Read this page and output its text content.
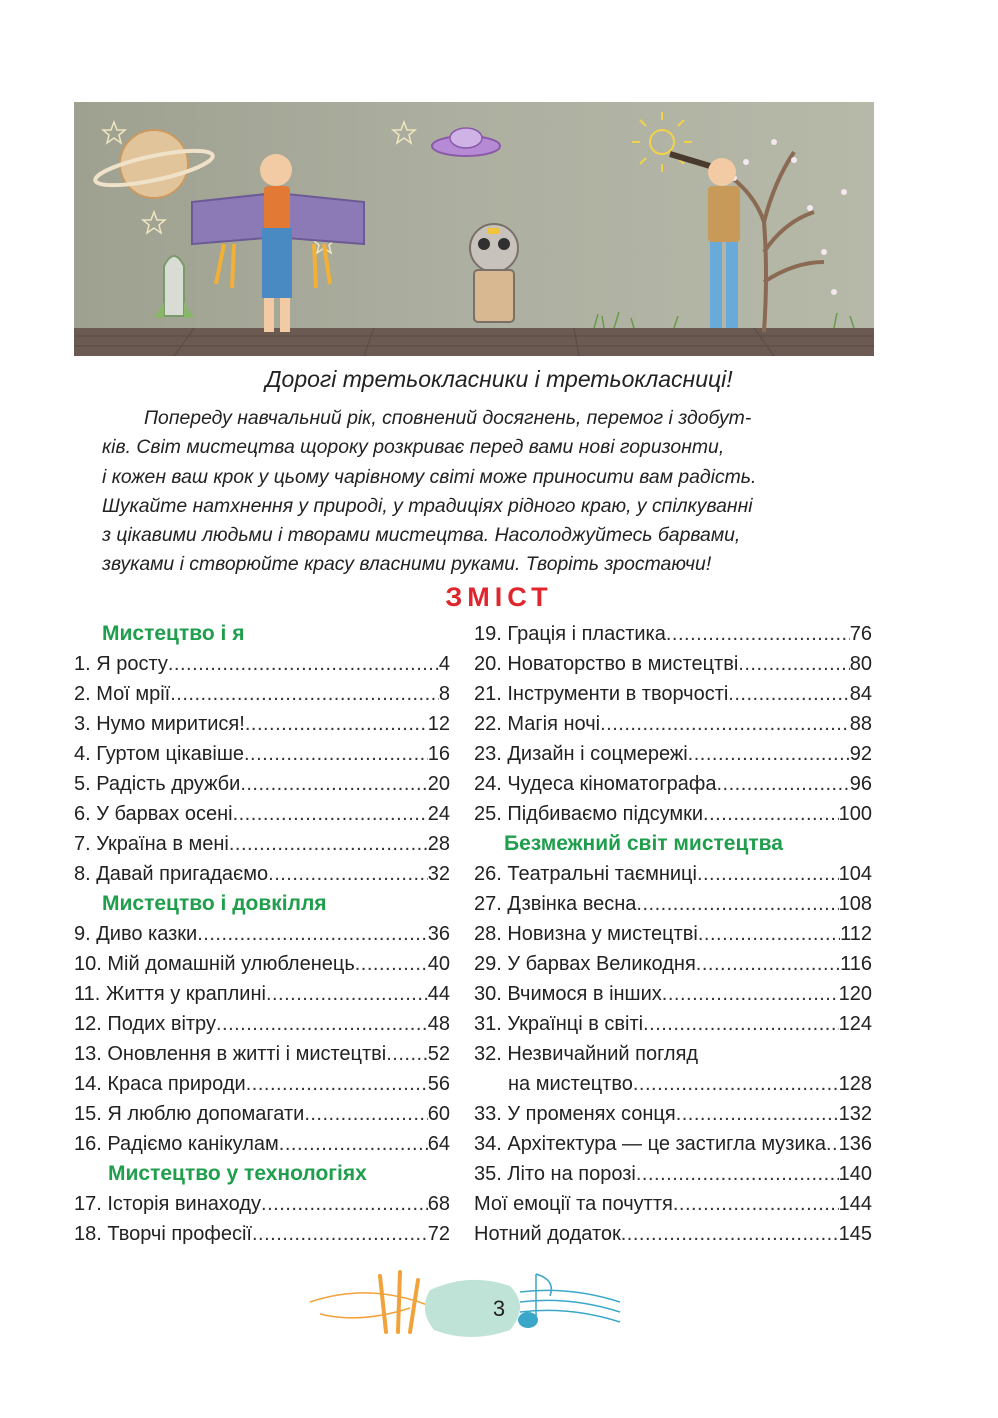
Дорогі третьокласники і третьокласниці!
Попереду навчальний рік, сповнений досягнень, перемог і здобут-
ків. Світ мистецтва щороку розкриває перед вами нові горизонти,
і кожен ваш крок у цьому чарівному світі може приносити вам радість.
Шукайте натхнення у природі, у традиціях рідного краю, у спілкуванні
з цікавими людьми і творами мистецтва. Насолоджуйтесь барвами,
звуками і створюйте красу власними руками. Творіть зростаючи!
ЗМІСТ
Мистецтво і я
1. Я росту .....	4
2. Мої мрії .....	8
3. Нумо миритися! .....	12
4. Гуртом цікавіше .....	16
5. Радість дружби .....	20
6. У барвах осені .....	24
7. Україна в мені .....	28
8. Давай пригадаємо .....	32
Мистецтво і довкілля
9. Диво казки .....	36
10. Мій домашній улюбленець .....	40
11. Життя у краплині .....	44
12. Подих вітру .....	48
13. Оновлення в житті і мистецтві ..... 52
14. Краса природи .....	56
15. Я люблю допомагати .....	60
16. Радіємо канікулам .....	64
Мистецтво у технологіях
17. Історія винаходу .....	68
18. Творчі професії .....	72
19. Грація і пластика .....	76
20. Новаторство в мистецтві .....	80
21. Інструменти в творчості .....	84
22. Магія ночі .....	88
23. Дизайн і соцмережі .....	92
24. Чудеса кіноматографа .....	96
25. Підбиваємо підсумки .....	100
Безмежний світ мистецтва
26. Театральні таємниці .....	104
27. Дзвінка весна .....	108
28. Новизна у мистецтві .....	112
29. У барвах Великодня .....	116
30. Вчимося в інших .....	120
31. Українці в світі .....	124
32. Незвичайний погляд
на мистецтво .....	128
33. У променях сонця .....	132
34. Архітектура — це застигла музика ..... 136
35. Літо на порозі .....	140
Мої емоції та почуття .....	144
Нотний додаток .....	145
3
